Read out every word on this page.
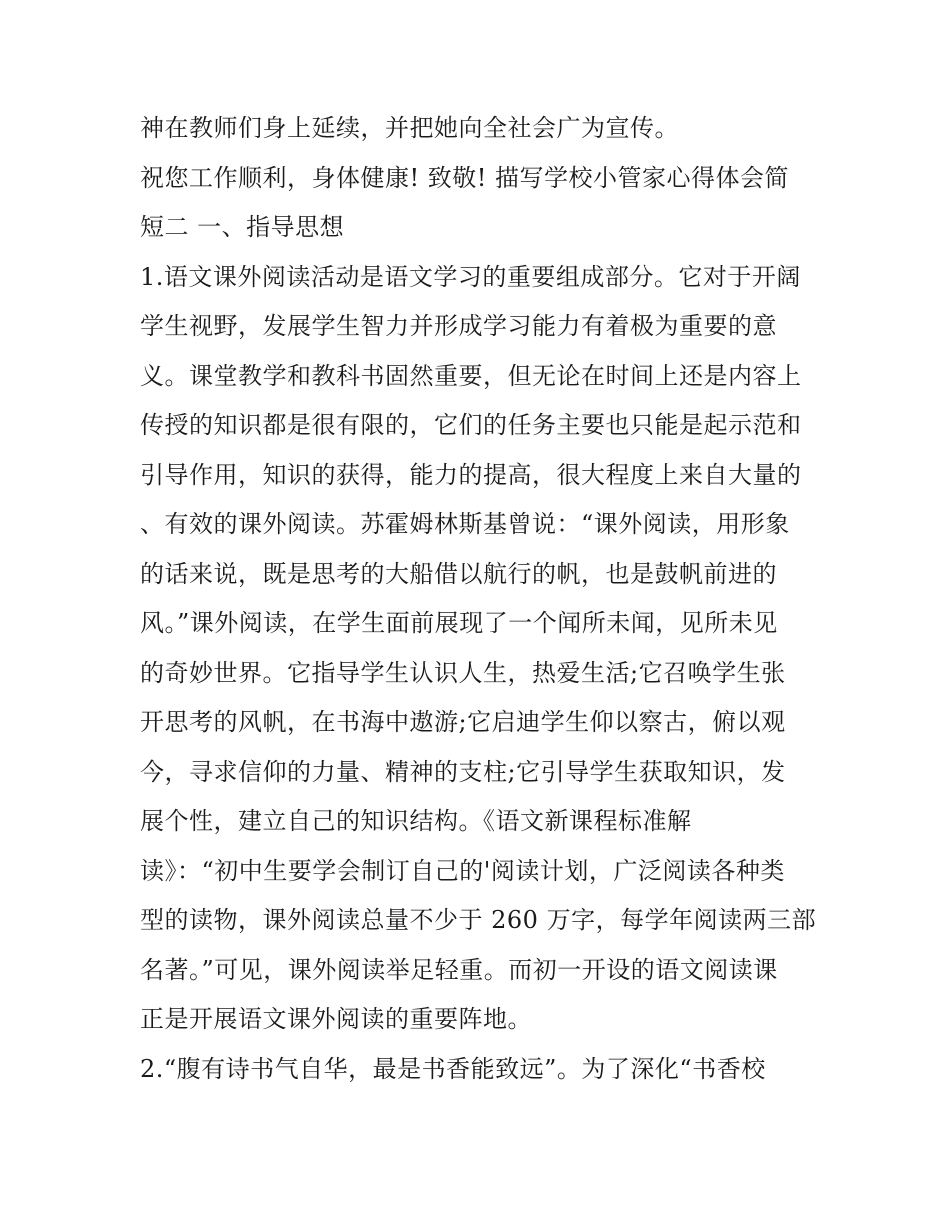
神在教师们身上延续，并把她向全社会广为宣传。
祝您工作顺利，身体健康! 致敬! 描写学校小管家心得体会简
短二 一、指导思想
1.语文课外阅读活动是语文学习的重要组成部分。它对于开阔
学生视野，发展学生智力并形成学习能力有着极为重要的意
义。课堂教学和教科书固然重要，但无论在时间上还是内容上
传授的知识都是很有限的，它们的任务主要也只能是起示范和
引导作用，知识的获得，能力的提高，很大程度上来自大量的
、有效的课外阅读。苏霍姆林斯基曾说：“课外阅读，用形象
的话来说，既是思考的大船借以航行的帆，也是鼓帆前进的
风。”课外阅读，在学生面前展现了一个闻所未闻，见所未见
的奇妙世界。它指导学生认识人生，热爱生活;它召唤学生张
开思考的风帆，在书海中遨游;它启迪学生仰以察古，俯以观
今，寻求信仰的力量、精神的支柱;它引导学生获取知识，发
展个性，建立自己的知识结构。《语文新课程标准解
读》：“初中生要学会制订自己的'阅读计划，广泛阅读各种类
型的读物，课外阅读总量不少于 260 万字，每学年阅读两三部
名著。”可见，课外阅读举足轻重。而初一开设的语文阅读课
正是开展语文课外阅读的重要阵地。
2.“腹有诗书气自华，最是书香能致远”。为了深化“书香校
